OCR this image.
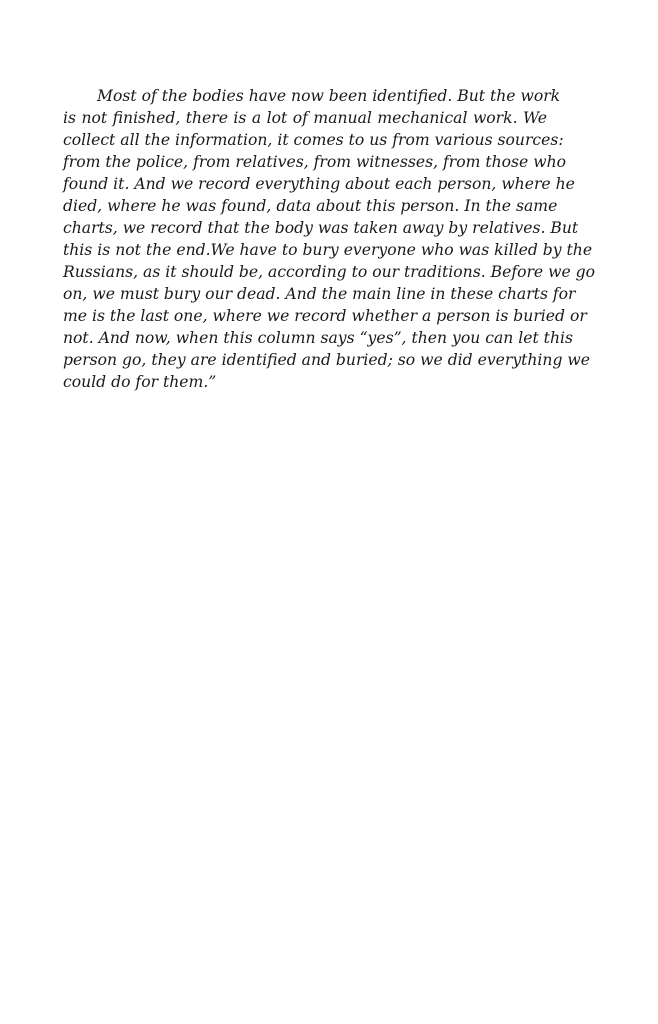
Most of the bodies have now been identified. But the work
is not finished, there is a lot of manual mechanical work. We
collect all the information, it comes to us from various sources:
from the police, from relatives, from witnesses, from those who
found it. And we record everything about each person, where he
died, where he was found, data about this person. In the same
charts, we record that the body was taken away by relatives. But
this is not the end.We have to bury everyone who was killed by the
Russians, as it should be, according to our traditions. Before we go
on, we must bury our dead. And the main line in these charts for
me is the last one, where we record whether a person is buried or
not. And now, when this column says “yes”, then you can let this
person go, they are identified and buried; so we did everything we
could do for them.”
